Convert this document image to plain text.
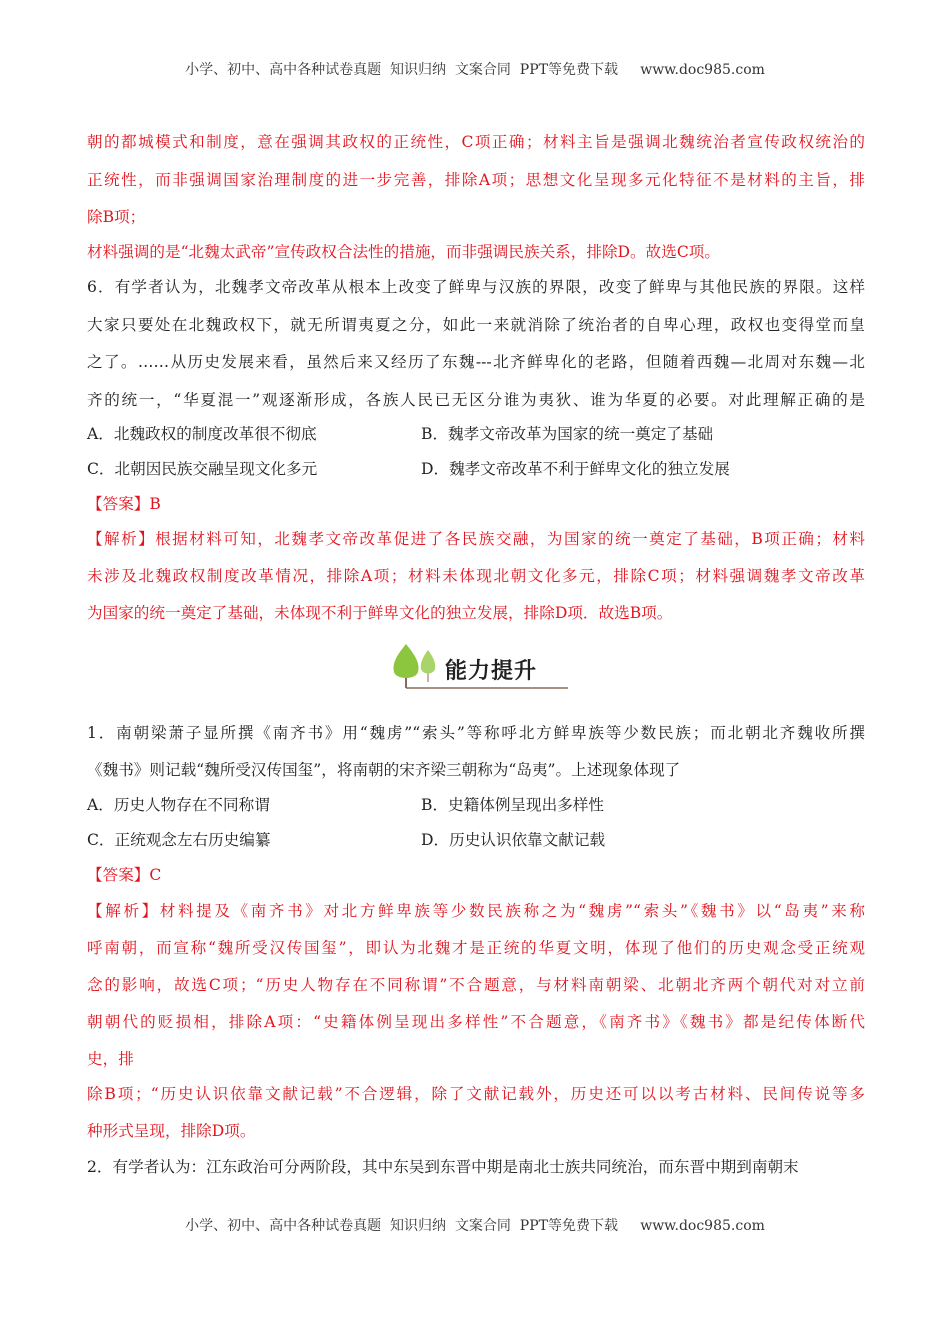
小学、初中、高中各种试卷真题  知识归纳  文案合同  PPT等免费下载     www.doc985.com
朝的都城模式和制度，意在强调其政权的正统性，C项正确；材料主旨是强调北魏统治者宣传政权统治的
正统性，而非强调国家治理制度的进一步完善，排除A项；思想文化呈现多元化特征不是材料的主旨，排
除B项；
材料强调的是“北魏太武帝”宣传政权合法性的措施，而非强调民族关系，排除D。故选C项。
6．有学者认为，北魏孝文帝改革从根本上改变了鲜卑与汉族的界限，改变了鲜卑与其他民族的界限。这样
大家只要处在北魏政权下，就无所谓夷夏之分，如此一来就消除了统治者的自卑心理，政权也变得堂而皇
之了。……从历史发展来看，虽然后来又经历了东魏---北齐鲜卑化的老路，但随着西魏—北周对东魏—北
齐的统一，“华夏混一”观逐渐形成，各族人民已无区分谁为夷狄、谁为华夏的必要。对此理解正确的是
A．北魏政权的制度改革很不彻底	B．魏孝文帝改革为国家的统一奠定了基础
C．北朝因民族交融呈现文化多元	D．魏孝文帝改革不利于鲜卑文化的独立发展
【答案】B
【解析】根据材料可知，北魏孝文帝改革促进了各民族交融，为国家的统一奠定了基础，B项正确；材料
未涉及北魏政权制度改革情况，排除A项；材料未体现北朝文化多元，排除C项；材料强调魏孝文帝改革
为国家的统一奠定了基础，未体现不利于鲜卑文化的独立发展，排除D项．故选B项。
能力提升
1．南朝梁萧子显所撰《南齐书》用“魏虏”“索头”等称呼北方鲜卑族等少数民族；而北朝北齐魏收所撰
《魏书》则记载“魏所受汉传国玺”，将南朝的宋齐梁三朝称为“岛夷”。上述现象体现了
A．历史人物存在不同称谓	B．史籍体例呈现出多样性
C．正统观念左右历史编纂	D．历史认识依靠文献记载
【答案】C
【解析】材料提及《南齐书》对北方鲜卑族等少数民族称之为“魏虏”“索头”《魏书》以“岛夷”来称
呼南朝，而宣称“魏所受汉传国玺”，即认为北魏才是正统的华夏文明，体现了他们的历史观念受正统观
念的影响，故选C项；“历史人物存在不同称谓”不合题意，与材料南朝梁、北朝北齐两个朝代对对立前
朝朝代的贬损相，排除A项：“史籍体例呈现出多样性”不合题意，《南齐书》《魏书》都是纪传体断代
史，排
除B项；“历史认识依靠文献记载”不合逻辑，除了文献记载外，历史还可以以考古材料、民间传说等多
种形式呈现，排除D项。
2．有学者认为：江东政治可分两阶段，其中东吴到东晋中期是南北士族共同统治，而东晋中期到南朝末
小学、初中、高中各种试卷真题  知识归纳  文案合同  PPT等免费下载     www.doc985.com
